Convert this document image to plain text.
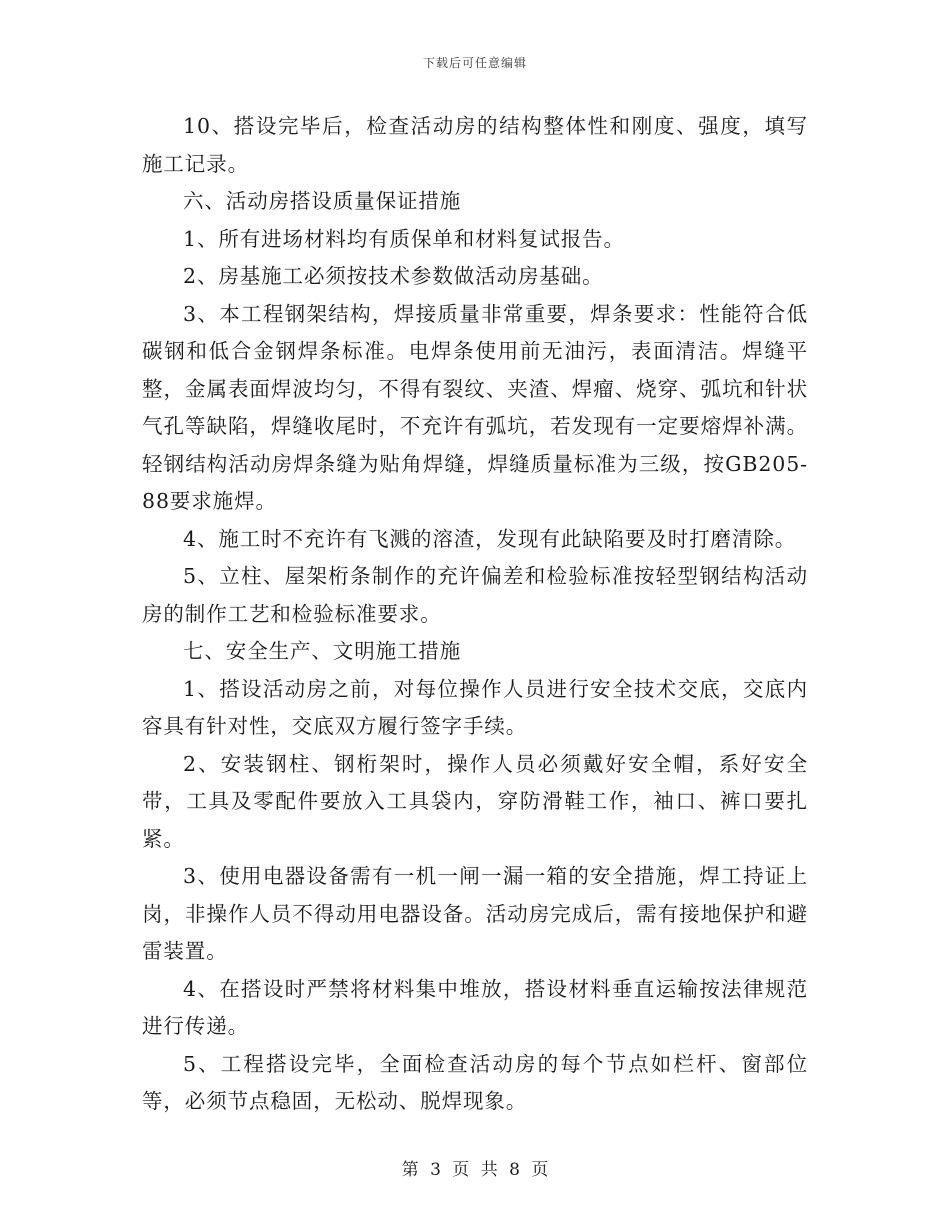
下载后可任意编辑

10、搭设完毕后，检查活动房的结构整体性和刚度、强度，填写施工记录。

六、活动房搭设质量保证措施

1、所有进场材料均有质保单和材料复试报告。

2、房基施工必须按技术参数做活动房基础。

3、本工程钢架结构，焊接质量非常重要，焊条要求：性能符合低碳钢和低合金钢焊条标准。电焊条使用前无油污，表面清洁。焊缝平整，金属表面焊波均匀，不得有裂纹、夹渣、焊瘤、烧穿、弧坑和针状气孔等缺陷，焊缝收尾时，不充许有弧坑，若发现有一定要熔焊补满。轻钢结构活动房焊条缝为贴角焊缝，焊缝质量标准为三级，按GB205-88要求施焊。

4、施工时不充许有飞溅的溶渣，发现有此缺陷要及时打磨清除。

5、立柱、屋架桁条制作的充许偏差和检验标准按轻型钢结构活动房的制作工艺和检验标准要求。

七、安全生产、文明施工措施

1、搭设活动房之前，对每位操作人员进行安全技术交底，交底内容具有针对性，交底双方履行签字手续。

2、安装钢柱、钢桁架时，操作人员必须戴好安全帽，系好安全带，工具及零配件要放入工具袋内，穿防滑鞋工作，袖口、裤口要扎紧。

3、使用电器设备需有一机一闸一漏一箱的安全措施，焊工持证上岗，非操作人员不得动用电器设备。活动房完成后，需有接地保护和避雷装置。

4、在搭设时严禁将材料集中堆放，搭设材料垂直运输按法律规范进行传递。

5、工程搭设完毕，全面检查活动房的每个节点如栏杆、窗部位等，必须节点稳固，无松动、脱焊现象。

第 3 页 共 8 页
